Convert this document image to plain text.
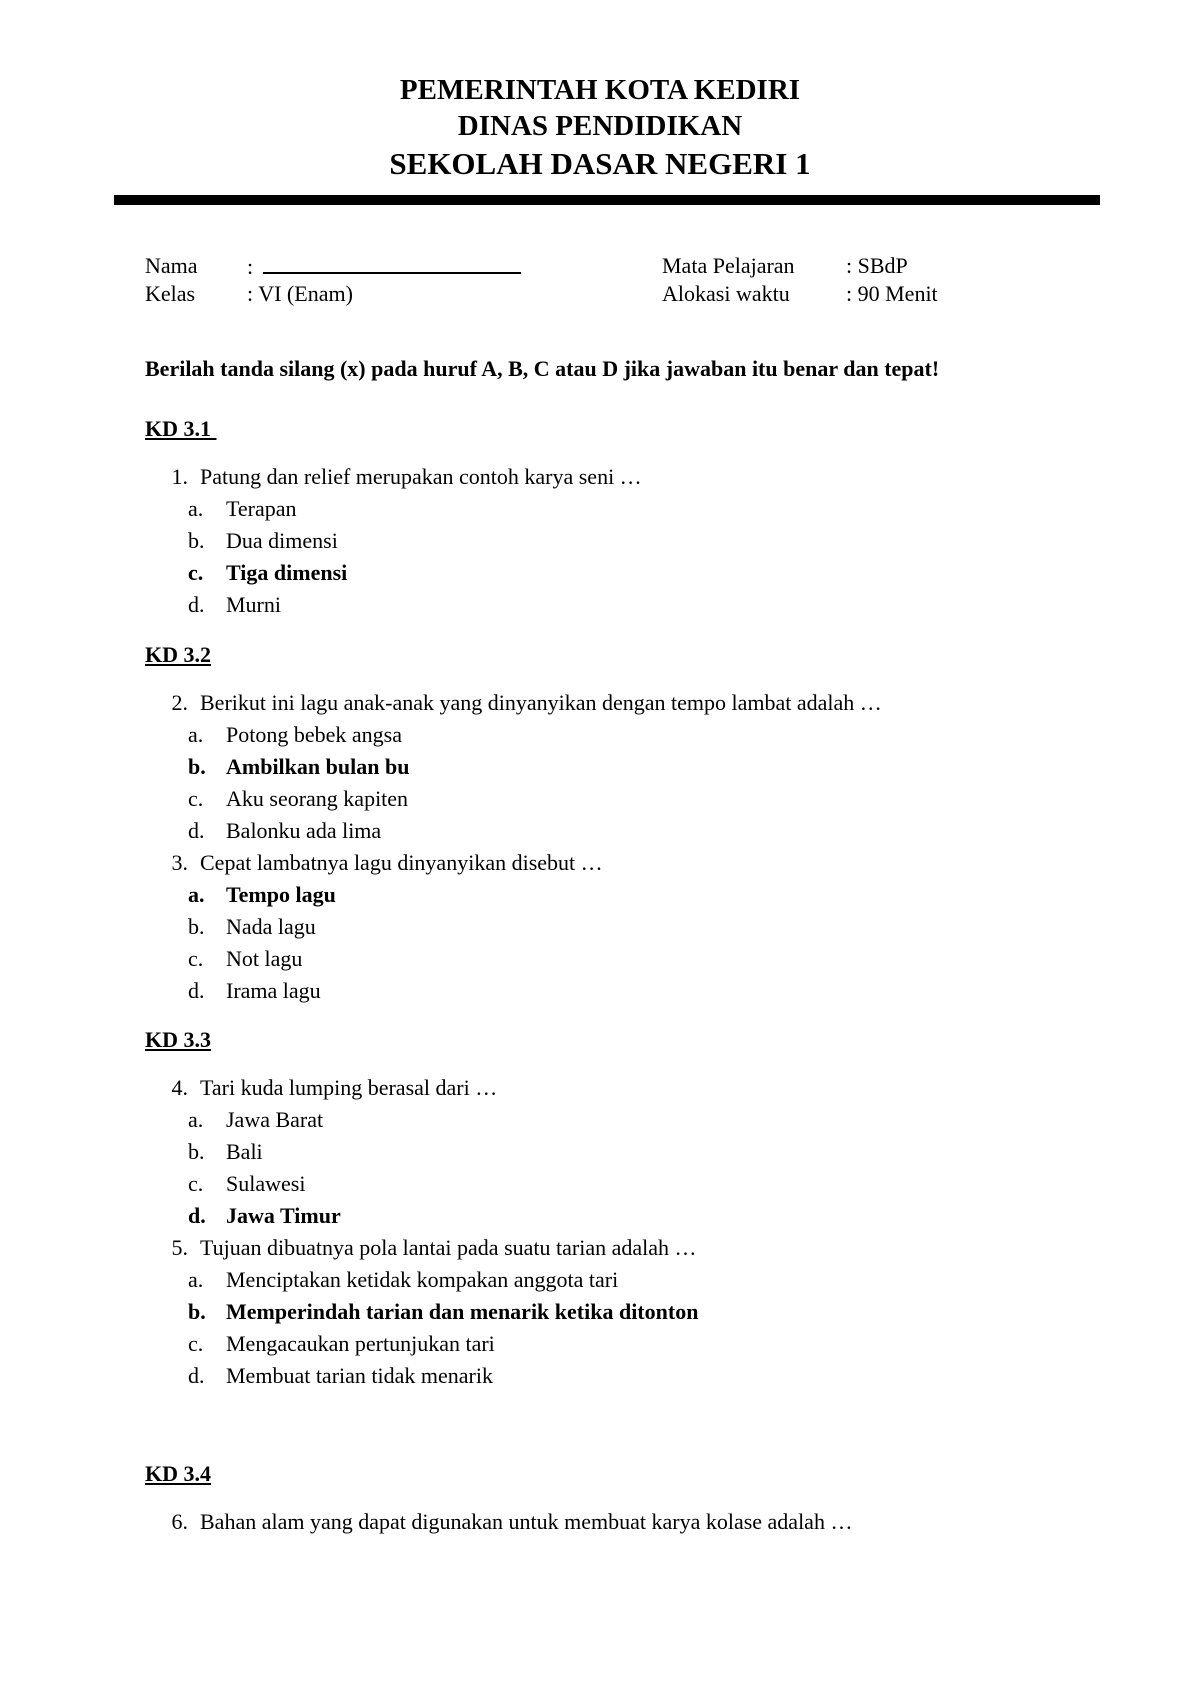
PEMERINTAH KOTA KEDIRI
DINAS PENDIDIKAN
SEKOLAH DASAR NEGERI 1
Nama :
Kelas : VI (Enam)
Mata Pelajaran : SBdP
Alokasi waktu	: 90 Menit
Berilah tanda silang (x) pada huruf A, B, C atau D jika jawaban itu benar dan tepat!
KD 3.1
1. Patung dan relief merupakan contoh karya seni …
a. Terapan
b. Dua dimensi
c. Tiga dimensi
d. Murni
KD 3.2
2. Berikut ini lagu anak-anak yang dinyanyikan dengan tempo lambat adalah …
a. Potong bebek angsa
b. Ambilkan bulan bu
c. Aku seorang kapiten
d. Balonku ada lima
3. Cepat lambatnya lagu dinyanyikan disebut …
a. Tempo lagu
b. Nada lagu
c. Not lagu
d. Irama lagu
KD 3.3
4. Tari kuda lumping berasal dari …
a. Jawa Barat
b. Bali
c. Sulawesi
d. Jawa Timur
5. Tujuan dibuatnya pola lantai pada suatu tarian adalah …
a. Menciptakan ketidak kompakan anggota tari
b. Memperindah tarian dan menarik ketika ditonton
c. Mengacaukan pertunjukan tari
d. Membuat tarian tidak menarik
KD 3.4
6. Bahan alam yang dapat digunakan untuk membuat karya kolase adalah …
